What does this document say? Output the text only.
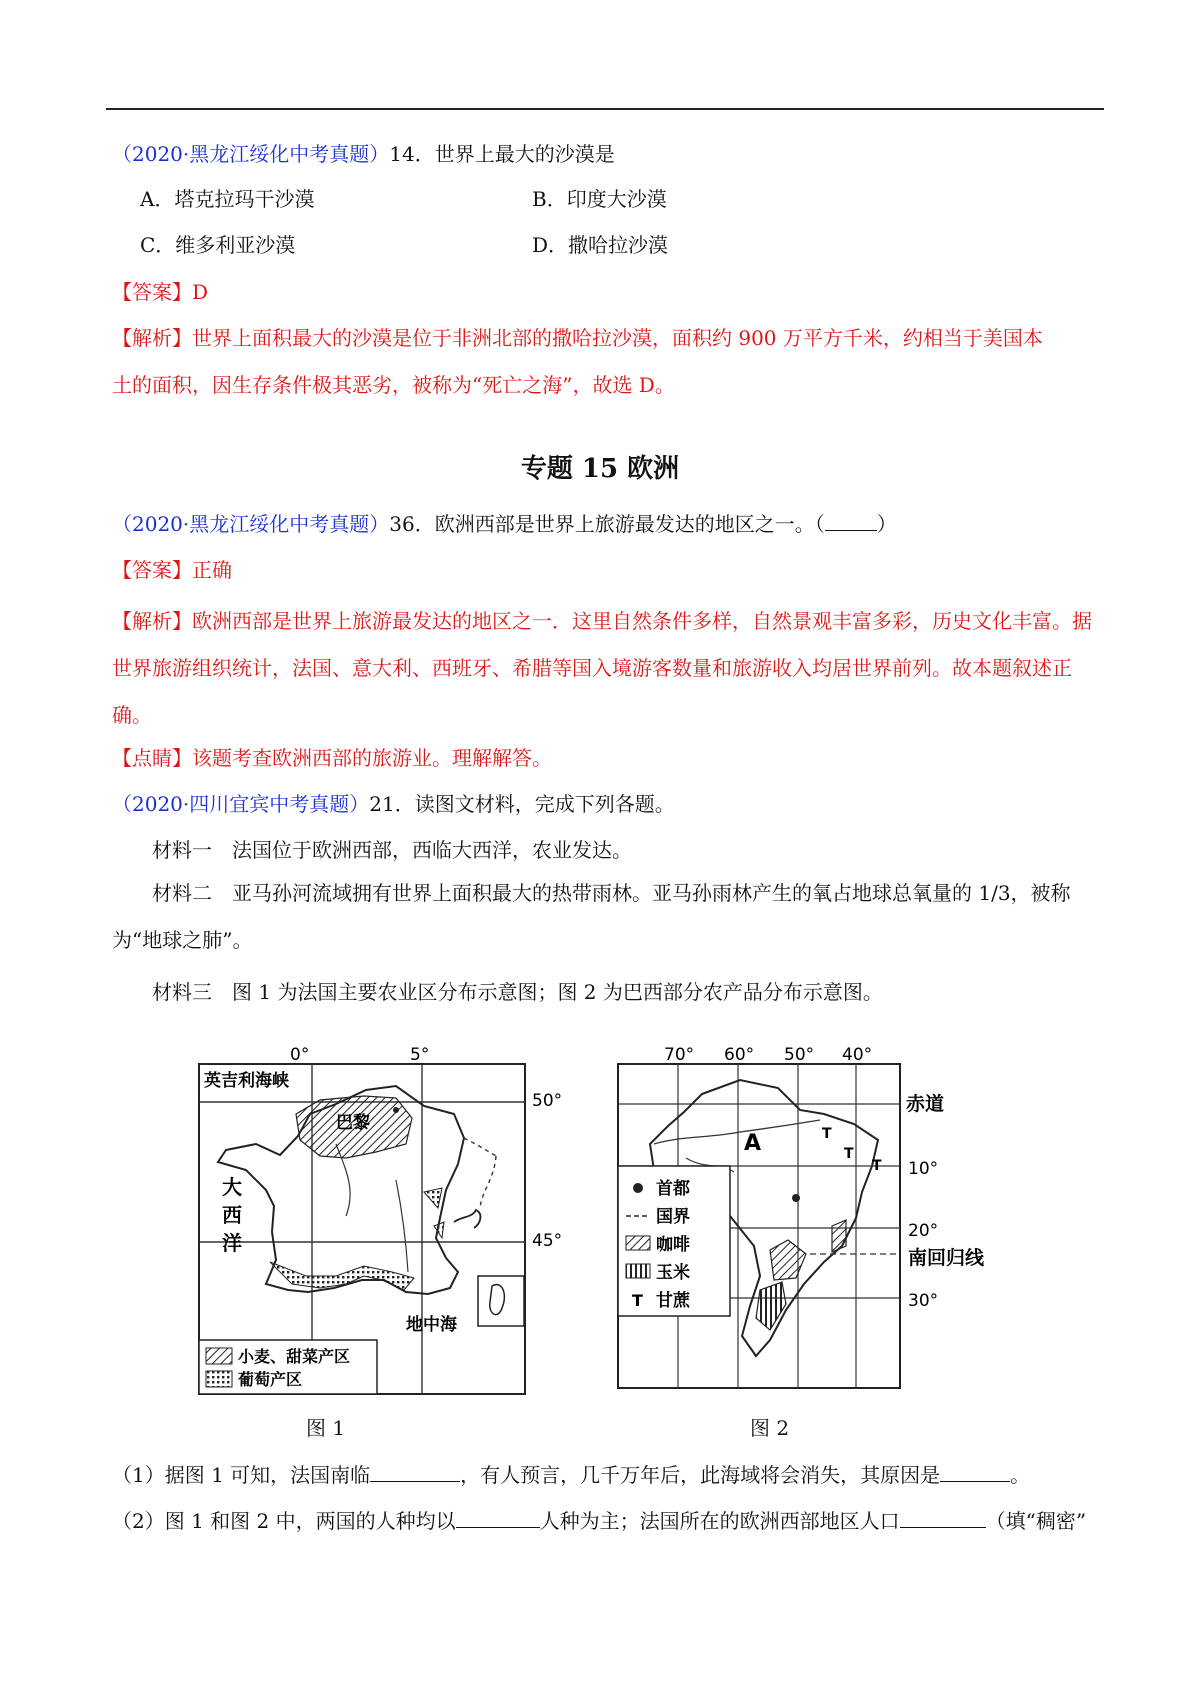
（2020·黑龙江绥化中考真题）14．世界上最大的沙漠是
A．塔克拉玛干沙漠	B．印度大沙漠
C．维多利亚沙漠	D．撒哈拉沙漠
【答案】D
【解析】世界上面积最大的沙漠是位于非洲北部的撒哈拉沙漠，面积约 900 万平方千米，约相当于美国本
土的面积，因生存条件极其恶劣，被称为“死亡之海”，故选 D。
专题 15 欧洲
（2020·黑龙江绥化中考真题）36．欧洲西部是世界上旅游最发达的地区之一。（	）
【答案】正确
【解析】欧洲西部是世界上旅游最发达的地区之一．这里自然条件多样，自然景观丰富多彩，历史文化丰富。据世界旅游组织统计，法国、意大利、西班牙、希腊等国入境游客数量和旅游收入均居世界前列。故本题叙述正确。
【点睛】该题考查欧洲西部的旅游业。理解解答。
（2020·四川宜宾中考真题）21．读图文材料，完成下列各题。
材料一　法国位于欧洲西部，西临大西洋，农业发达。
材料二　亚马孙河流域拥有世界上面积最大的热带雨林。亚马孙雨林产生的氧占地球总氧量的 1/3，被称为“地球之肺”。
材料三　图 1 为法国主要农业区分布示意图；图 2 为巴西部分农产品分布示意图。
0°	5°
50°
45°
英吉利海峡
巴黎
大
西
洋
地中海
小麦、甜菜产区
葡萄产区
T
T
T
70° 60° 50° 40°
赤道
10°
20°
南回归线
30°
A
首都
国界
咖啡
玉米
T 甘蔗
图 1	图 2
（1）据图 1 可知，法国南临	，有人预言，几千万年后，此海域将会消失，其原因是	。
（2）图 1 和图 2 中，两国的人种均以	人种为主；法国所在的欧洲西部地区人口	（填“稠密”
